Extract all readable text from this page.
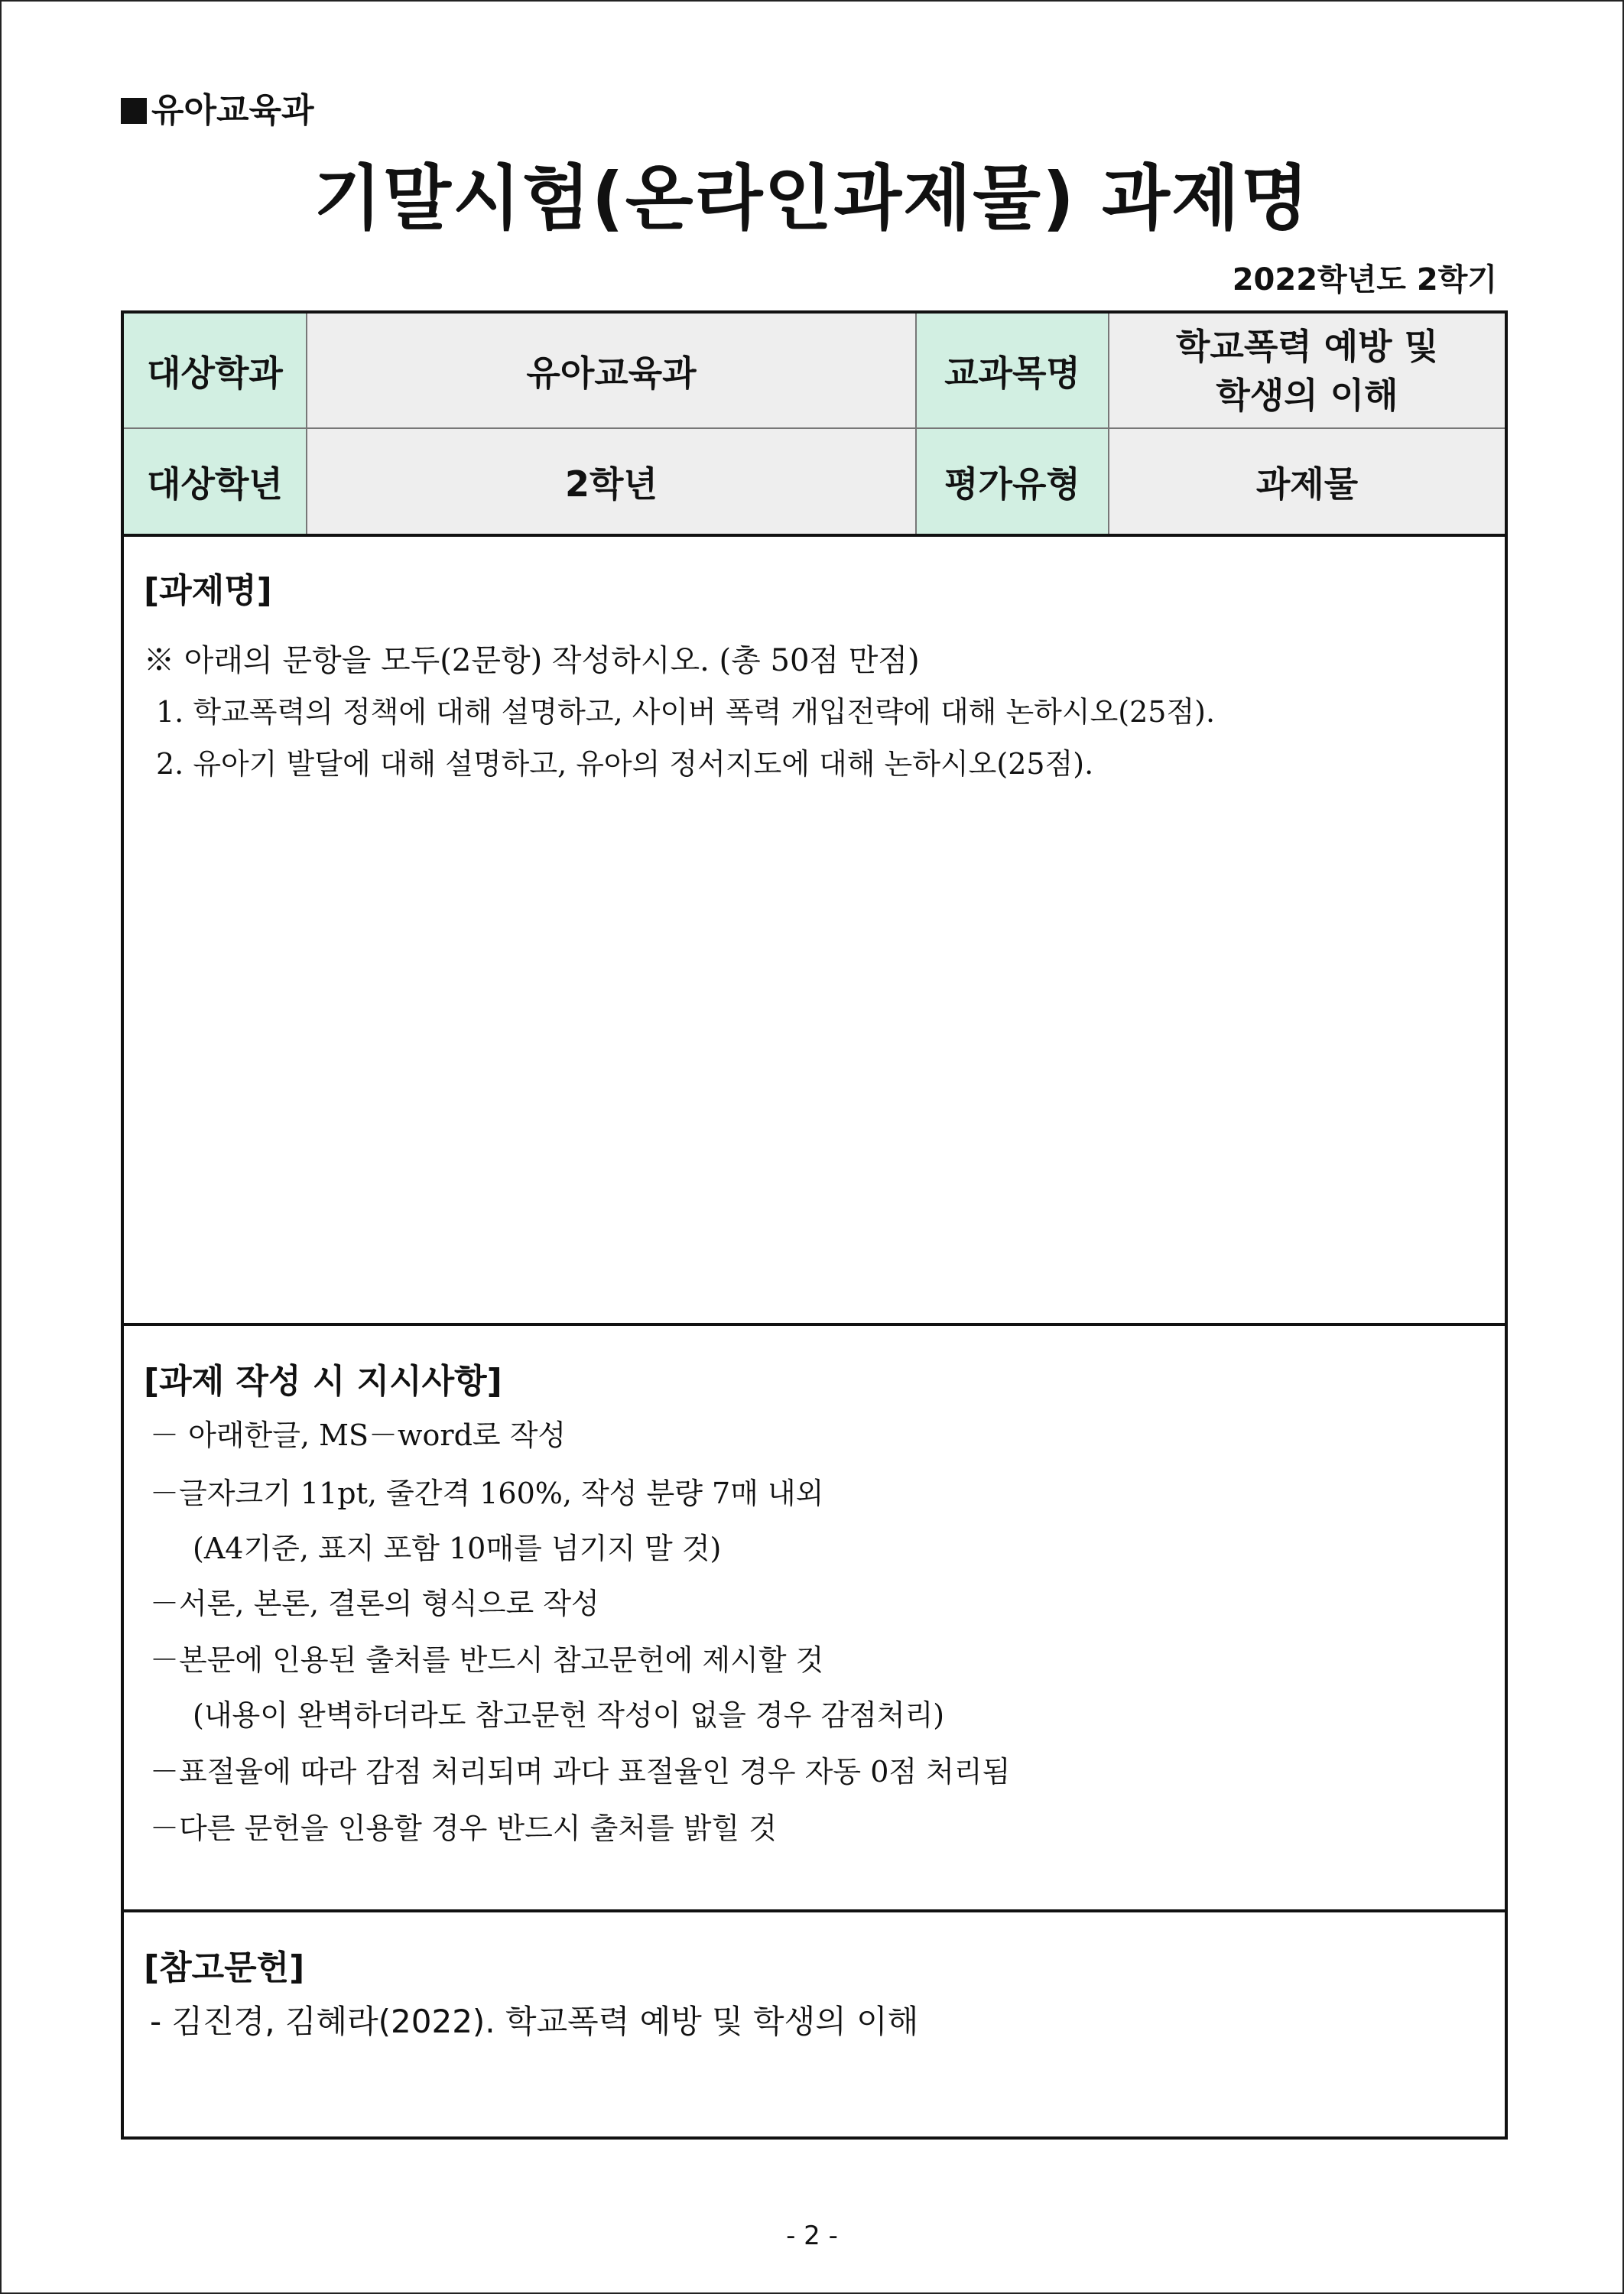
유아교육과
기말시험(온라인과제물) 과제명
2022학년도 2학기
대상학과	유아교육과	교과목명	학교폭력 예방 및
학생의 이해
대상학년	2학년	평가유형	과제물
[과제명]
※ 아래의 문항을 모두(2문항) 작성하시오. (총 50점 만점)
1. 학교폭력의 정책에 대해 설명하고, 사이버 폭력 개입전략에 대해 논하시오(25점).
2. 유아기 발달에 대해 설명하고, 유아의 정서지도에 대해 논하시오(25점).
[과제 작성 시 지시사항]
－ 아래한글, MS－word로 작성
－글자크기 11pt, 줄간격 160%, 작성 분량 7매 내외
(A4기준, 표지 포함 10매를 넘기지 말 것)
－서론, 본론, 결론의 형식으로 작성
－본문에 인용된 출처를 반드시 참고문헌에 제시할 것
(내용이 완벽하더라도 참고문헌 작성이 없을 경우 감점처리)
－표절율에 따라 감점 처리되며 과다 표절율인 경우 자동 0점 처리됨
－다른 문헌을 인용할 경우 반드시 출처를 밝힐 것
[참고문헌]
- 김진경, 김혜라(2022). 학교폭력 예방 및 학생의 이해
- 2 -
